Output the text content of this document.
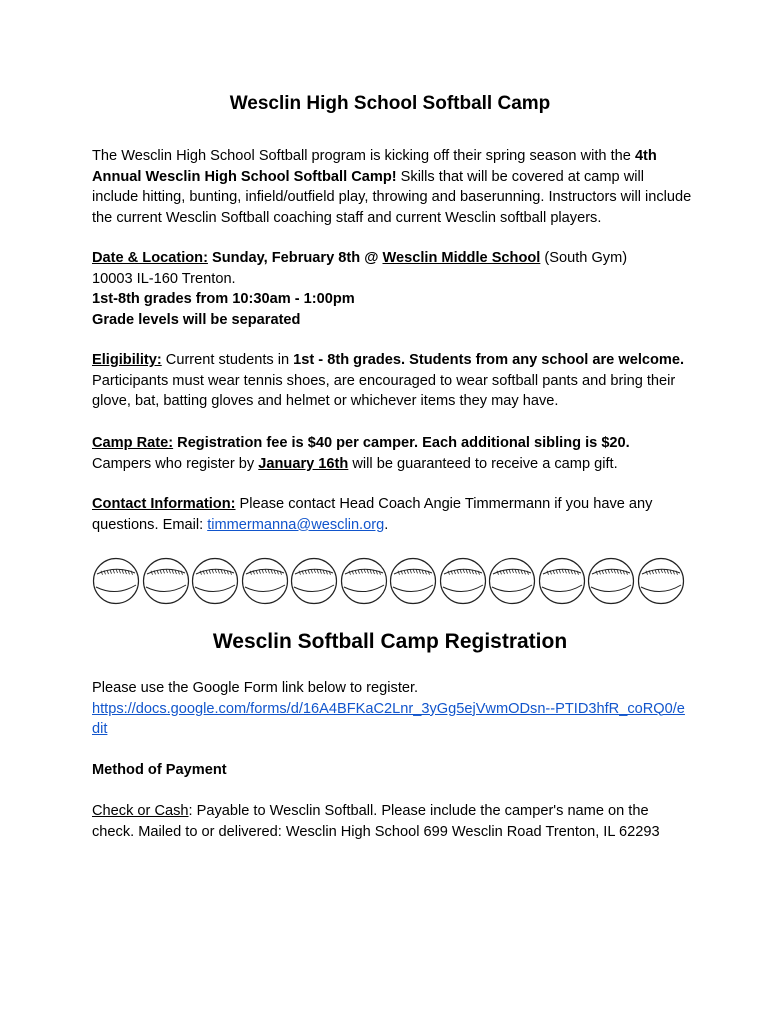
Wesclin High School Softball Camp

The Wesclin High School Softball program is kicking off their spring season with the 4th Annual Wesclin High School Softball Camp! Skills that will be covered at camp will include hitting, bunting, infield/outfield play, throwing and baserunning. Instructors will include the current Wesclin Softball coaching staff and current Wesclin softball players.

Date & Location: Sunday, February 8th @ Wesclin Middle School (South Gym)

10003 IL-160 Trenton.

1st-8th grades from 10:30am - 1:00pm

Grade levels will be separated

Eligibility: Current students in 1st - 8th grades. Students from any school are welcome. Participants must wear tennis shoes, are encouraged to wear softball pants and bring their glove, bat, batting gloves and helmet or whichever items they may have.

Camp Rate: Registration fee is $40 per camper. Each additional sibling is $20. Campers who register by January 16th will be guaranteed to receive a camp gift.

Contact Information: Please contact Head Coach Angie Timmermann if you have any questions. Email: timmermanna@wesclin.org.

Wesclin Softball Camp Registration

Please use the Google Form link below to register.

https://docs.google.com/forms/d/16A4BFKaC2Lnr_3yGg5ejVwmODsn--PTID3hfR_coRQ0/edit

Method of Payment

Check or Cash: Payable to Wesclin Softball. Please include the camper's name on the check. Mailed to or delivered: Wesclin High School 699 Wesclin Road Trenton, IL 62293
